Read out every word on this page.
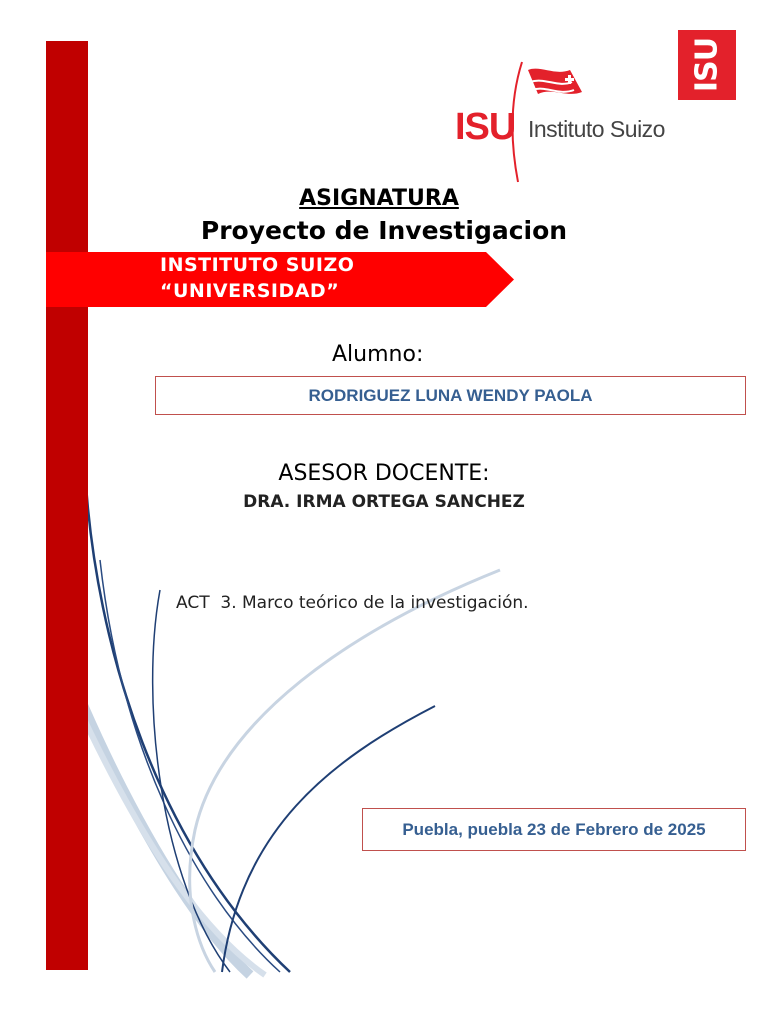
ISU
ISU Instituto Suizo
ASIGNATURA
Proyecto de Investigacion
INSTITUTO SUIZO
“UNIVERSIDAD”
Alumno:
RODRIGUEZ LUNA WENDY PAOLA
ASESOR DOCENTE:
DRA. IRMA ORTEGA SANCHEZ
ACT  3. Marco teórico de la investigación.
Puebla, puebla 23 de Febrero de 2025
